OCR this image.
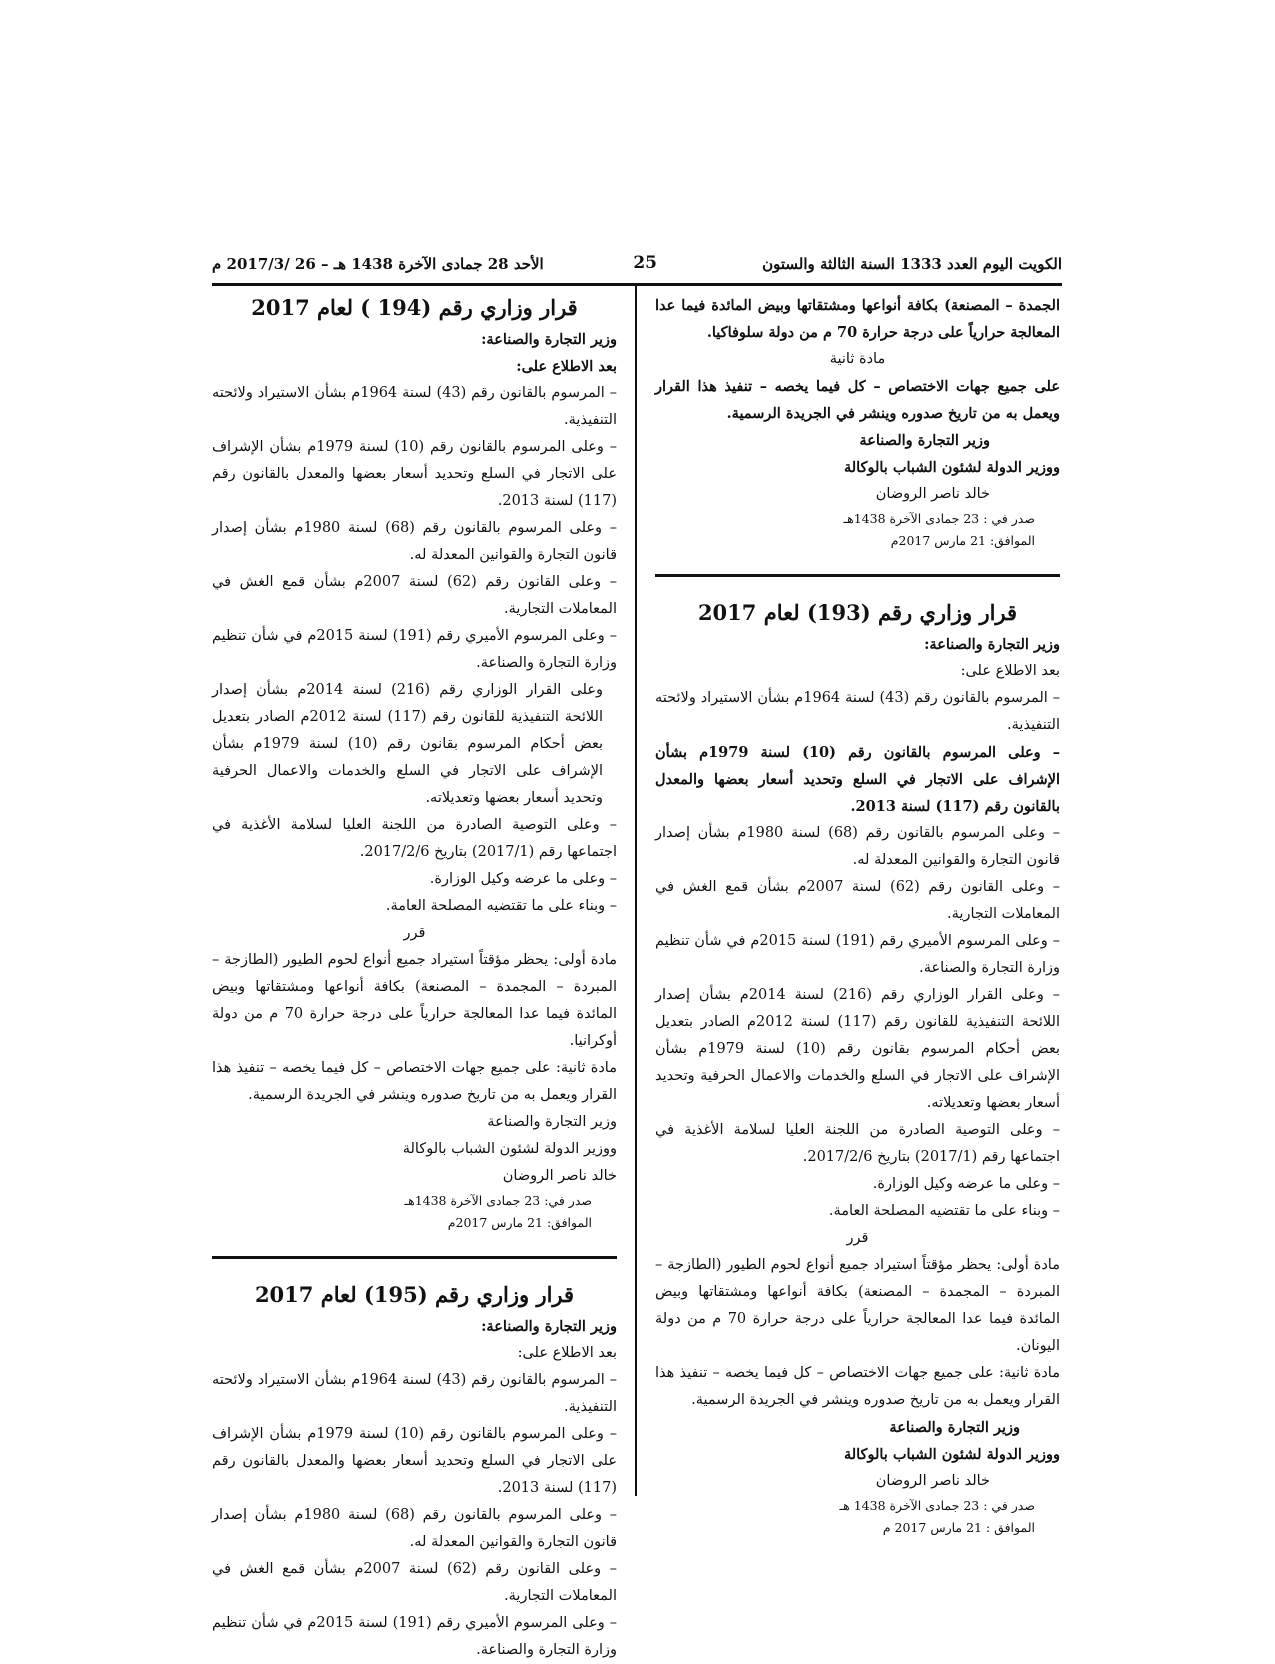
الكويت اليوم العدد 1333 السنة الثالثة والستون
25
الأحد 28 جمادى الآخرة 1438 هـ – 26 /2017/3 م

الجمدة – المصنعة) بكافة أنواعها ومشتقاتها وبيض المائدة فيما عدا المعالجة حرارياً على درجة حرارة 70 م من دولة سلوفاكيا.

مادة ثانية

على جميع جهات الاختصاص – كل فيما يخصه – تنفيذ هذا القرار ويعمل به من تاريخ صدوره وينشر في الجريدة الرسمية.

وزير التجارة والصناعة

ووزير الدولة لشئون الشباب بالوكالة

خالد ناصر الروضان

صدر في : 23 جمادى الآخرة 1438هـ

الموافق: 21 مارس 2017م

قرار وزاري رقم (193) لعام 2017

وزير التجارة والصناعة:

بعد الاطلاع على:

– المرسوم بالقانون رقم (43) لسنة 1964م بشأن الاستيراد ولائحته التنفيذية.

– وعلى المرسوم بالقانون رقم (10) لسنة 1979م بشأن الإشراف على الاتجار في السلع وتحديد أسعار بعضها والمعدل بالقانون رقم (117) لسنة 2013.

– وعلى المرسوم بالقانون رقم (68) لسنة 1980م بشأن إصدار قانون التجارة والقوانين المعدلة له.

– وعلى القانون رقم (62) لسنة 2007م بشأن قمع الغش في المعاملات التجارية.

– وعلى المرسوم الأميري رقم (191) لسنة 2015م في شأن تنظيم وزارة التجارة والصناعة.

– وعلى القرار الوزاري رقم (216) لسنة 2014م بشأن إصدار اللائحة التنفيذية للقانون رقم (117) لسنة 2012م الصادر بتعديل بعض أحكام المرسوم بقانون رقم (10) لسنة 1979م بشأن الإشراف على الاتجار في السلع والخدمات والاعمال الحرفية وتحديد أسعار بعضها وتعديلاته.

– وعلى التوصية الصادرة من اللجنة العليا لسلامة الأغذية في اجتماعها رقم (2017/1) بتاريخ 2017/2/6.

– وعلى ما عرضه وكيل الوزارة.

– وبناء على ما تقتضيه المصلحة العامة.

قرر

مادة أولى: يحظر مؤقتاً استيراد جميع أنواع لحوم الطيور (الطازجة – المبردة – المجمدة – المصنعة) بكافة أنواعها ومشتقاتها وبيض المائدة فيما عدا المعالجة حرارياً على درجة حرارة 70 م من دولة اليونان.

مادة ثانية: على جميع جهات الاختصاص – كل فيما يخصه – تنفيذ هذا القرار ويعمل به من تاريخ صدوره وينشر في الجريدة الرسمية.

وزير التجارة والصناعة

ووزير الدولة لشئون الشباب بالوكالة

خالد ناصر الروضان

صدر في : 23 جمادى الآخرة 1438 هـ

الموافق : 21 مارس 2017 م

قرار وزاري رقم (194 ) لعام 2017

وزير التجارة والصناعة:

بعد الاطلاع على:

– المرسوم بالقانون رقم (43) لسنة 1964م بشأن الاستيراد ولائحته التنفيذية.

– وعلى المرسوم بالقانون رقم (10) لسنة 1979م بشأن الإشراف على الاتجار في السلع وتحديد أسعار بعضها والمعدل بالقانون رقم (117) لسنة 2013.

– وعلى المرسوم بالقانون رقم (68) لسنة 1980م بشأن إصدار قانون التجارة والقوانين المعدلة له.

– وعلى القانون رقم (62) لسنة 2007م بشأن قمع الغش في المعاملات التجارية.

– وعلى المرسوم الأميري رقم (191) لسنة 2015م في شأن تنظيم وزارة التجارة والصناعة.

وعلى القرار الوزاري رقم (216) لسنة 2014م بشأن إصدار اللائحة التنفيذية للقانون رقم (117) لسنة 2012م الصادر بتعديل بعض أحكام المرسوم بقانون رقم (10) لسنة 1979م بشأن الإشراف على الاتجار في السلع والخدمات والاعمال الحرفية وتحديد أسعار بعضها وتعديلاته.

– وعلى التوصية الصادرة من اللجنة العليا لسلامة الأغذية في اجتماعها رقم (2017/1) بتاريخ 2017/2/6.

– وعلى ما عرضه وكيل الوزارة.

– وبناء على ما تقتضيه المصلحة العامة.

قرر

مادة أولى: يحظر مؤقتاً استيراد جميع أنواع لحوم الطيور (الطازجة – المبردة – المجمدة – المصنعة) بكافة أنواعها ومشتقاتها وبيض المائدة فيما عدا المعالجة حرارياً على درجة حرارة 70 م من دولة أوكرانيا.

مادة ثانية: على جميع جهات الاختصاص – كل فيما يخصه – تنفيذ هذا القرار ويعمل به من تاريخ صدوره وينشر في الجريدة الرسمية.

وزير التجارة والصناعة

ووزير الدولة لشئون الشباب بالوكالة

خالد ناصر الروضان

صدر في: 23 جمادى الآخرة 1438هـ

الموافق: 21 مارس 2017م

قرار وزاري رقم (195) لعام 2017

وزير التجارة والصناعة:

بعد الاطلاع على:

– المرسوم بالقانون رقم (43) لسنة 1964م بشأن الاستيراد ولائحته التنفيذية.

– وعلى المرسوم بالقانون رقم (10) لسنة 1979م بشأن الإشراف على الاتجار في السلع وتحديد أسعار بعضها والمعدل بالقانون رقم (117) لسنة 2013.

– وعلى المرسوم بالقانون رقم (68) لسنة 1980م بشأن إصدار قانون التجارة والقوانين المعدلة له.

– وعلى القانون رقم (62) لسنة 2007م بشأن قمع الغش في المعاملات التجارية.

– وعلى المرسوم الأميري رقم (191) لسنة 2015م في شأن تنظيم وزارة التجارة والصناعة.
